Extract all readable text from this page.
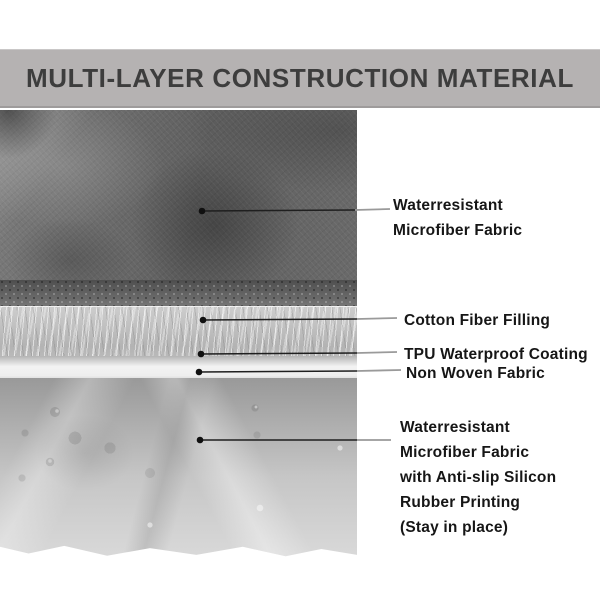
MULTI-LAYER CONSTRUCTION MATERIAL
Waterresistant
Microfiber Fabric
Cotton Fiber Filling
TPU Waterproof Coating
Non Woven Fabric
Waterresistant
Microfiber Fabric
with Anti-slip Silicon
Rubber Printing
(Stay in place)
